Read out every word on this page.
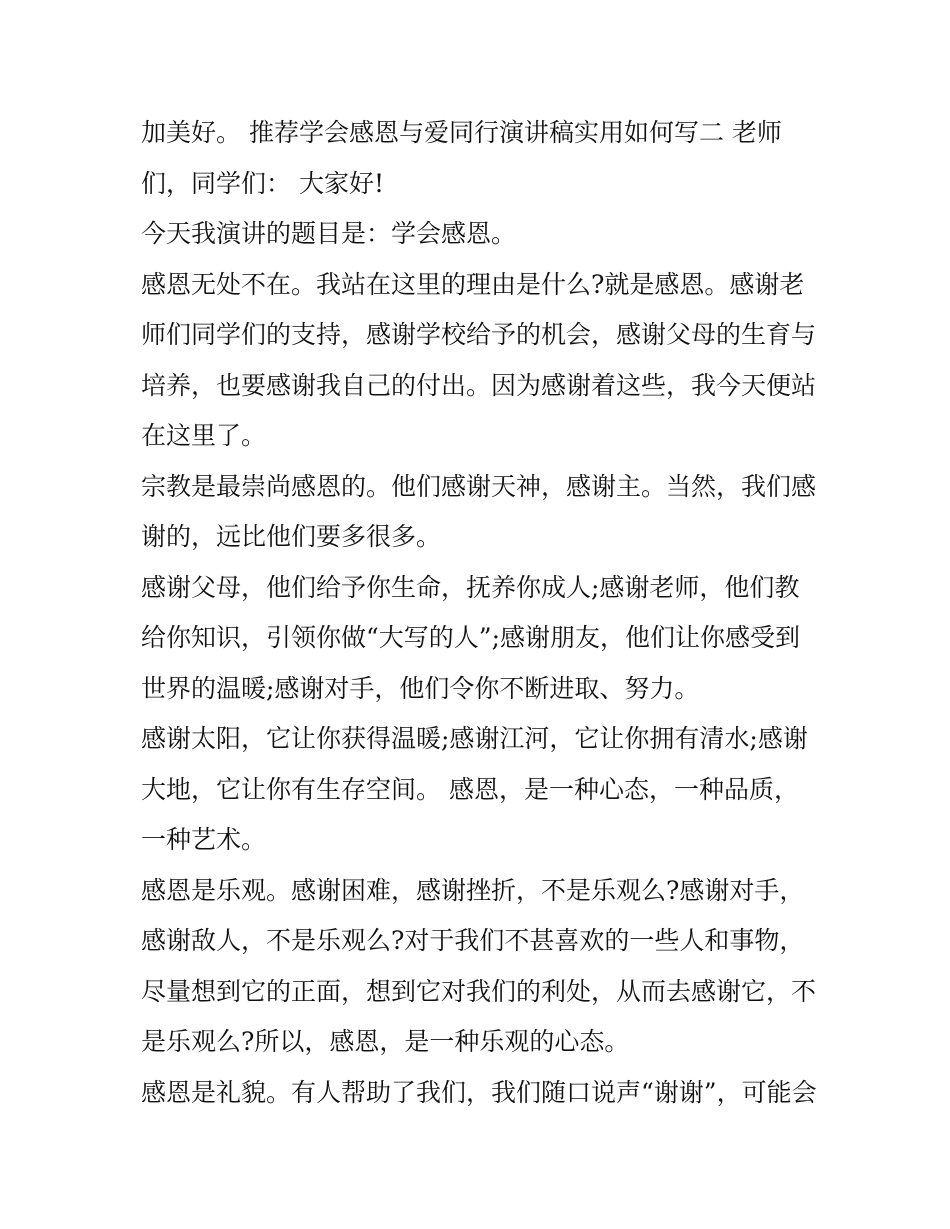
加美好。 推荐学会感恩与爱同行演讲稿实用如何写二 老师
们，同学们： 大家好!
今天我演讲的题目是：学会感恩。
感恩无处不在。我站在这里的理由是什么?就是感恩。感谢老
师们同学们的支持，感谢学校给予的机会，感谢父母的生育与
培养，也要感谢我自己的付出。因为感谢着这些，我今天便站
在这里了。
宗教是最崇尚感恩的。他们感谢天神，感谢主。当然，我们感
谢的，远比他们要多很多。
感谢父母，他们给予你生命，抚养你成人;感谢老师，他们教
给你知识，引领你做“大写的人”;感谢朋友，他们让你感受到
世界的温暖;感谢对手，他们令你不断进取、努力。
感谢太阳，它让你获得温暖;感谢江河，它让你拥有清水;感谢
大地，它让你有生存空间。 感恩，是一种心态，一种品质，
一种艺术。
感恩是乐观。感谢困难，感谢挫折，不是乐观么?感谢对手，
感谢敌人，不是乐观么?对于我们不甚喜欢的一些人和事物，
尽量想到它的正面，想到它对我们的利处，从而去感谢它，不
是乐观么?所以，感恩，是一种乐观的心态。
感恩是礼貌。有人帮助了我们，我们随口说声“谢谢”，可能会
